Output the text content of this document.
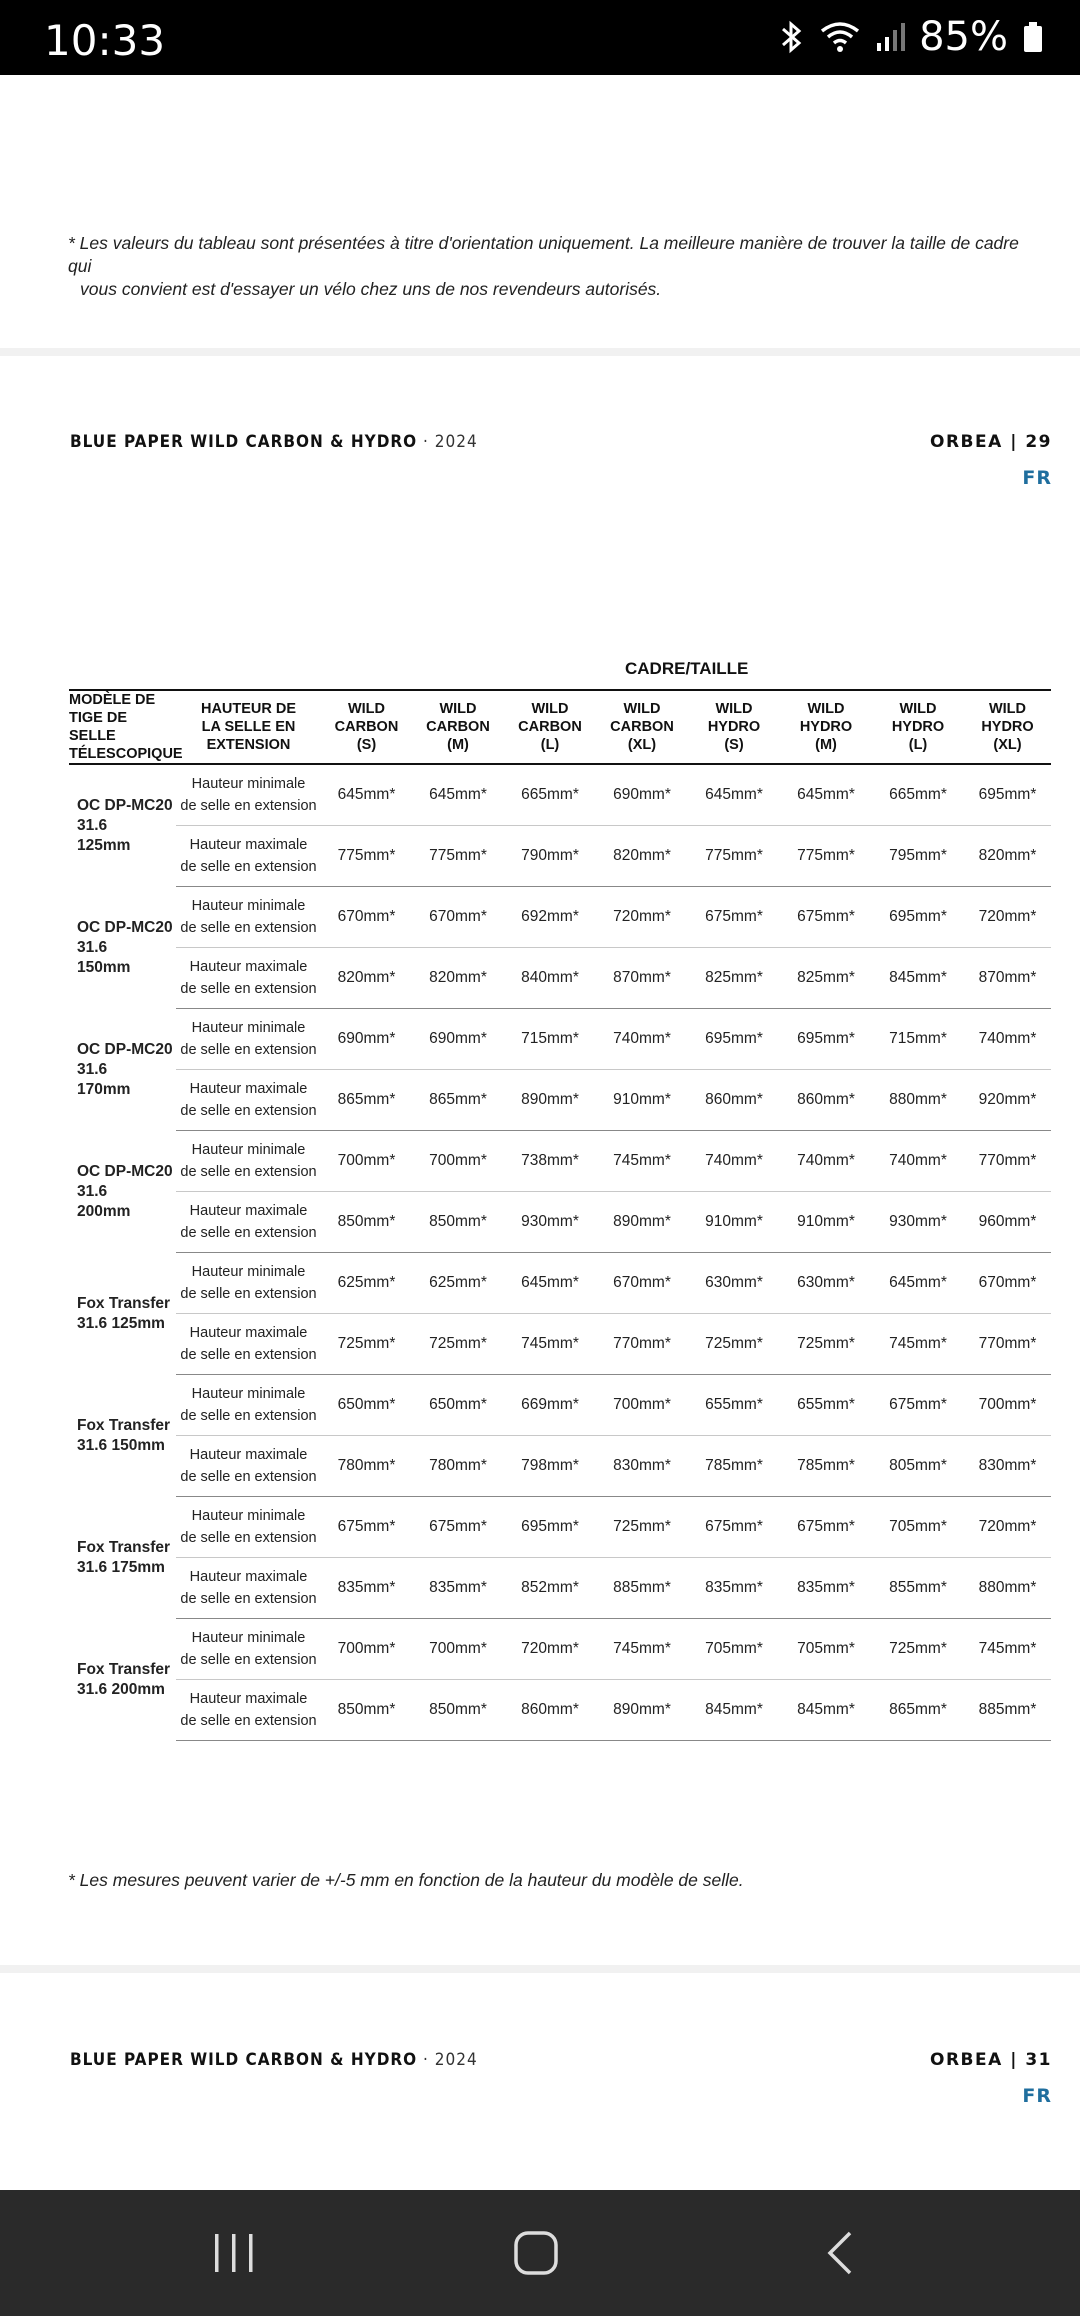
10:33	85%
* Les valeurs du tableau sont présentées à titre d'orientation uniquement. La meilleure manière de trouver la taille de cadre qui
vous convient est d'essayer un vélo chez uns de nos revendeurs autorisés.
BLUE PAPER WILD CARBON & HYDRO · 2024	ORBEA | 29
FR
CADRE/TAILLE
MODÈLE DE
TIGE DE SELLE
TÉLESCOPIQUE	HAUTEUR DE
LA SELLE EN
EXTENSION	WILD
CARBON
(S)	WILD
CARBON
(M)	WILD
CARBON
(L)	WILD
CARBON
(XL)	WILD
HYDRO
(S)	WILD
HYDRO
(M)	WILD
HYDRO
(L)	WILD
HYDRO
(XL)
OC DP-MC20
31.6
125mm	Hauteur minimale
de selle en extension	645mm*	645mm*	665mm*	690mm*	645mm*	645mm*	665mm*	695mm*
	Hauteur maximale
de selle en extension	775mm*	775mm*	790mm*	820mm*	775mm*	775mm*	795mm*	820mm*
OC DP-MC20
31.6
150mm	Hauteur minimale
de selle en extension	670mm*	670mm*	692mm*	720mm*	675mm*	675mm*	695mm*	720mm*
	Hauteur maximale
de selle en extension	820mm*	820mm*	840mm*	870mm*	825mm*	825mm*	845mm*	870mm*
OC DP-MC20
31.6
170mm	Hauteur minimale
de selle en extension	690mm*	690mm*	715mm*	740mm*	695mm*	695mm*	715mm*	740mm*
	Hauteur maximale
de selle en extension	865mm*	865mm*	890mm*	910mm*	860mm*	860mm*	880mm*	920mm*
OC DP-MC20
31.6
200mm	Hauteur minimale
de selle en extension	700mm*	700mm*	738mm*	745mm*	740mm*	740mm*	740mm*	770mm*
	Hauteur maximale
de selle en extension	850mm*	850mm*	930mm*	890mm*	910mm*	910mm*	930mm*	960mm*
Fox Transfer
31.6 125mm	Hauteur minimale
de selle en extension	625mm*	625mm*	645mm*	670mm*	630mm*	630mm*	645mm*	670mm*
	Hauteur maximale
de selle en extension	725mm*	725mm*	745mm*	770mm*	725mm*	725mm*	745mm*	770mm*
Fox Transfer
31.6 150mm	Hauteur minimale
de selle en extension	650mm*	650mm*	669mm*	700mm*	655mm*	655mm*	675mm*	700mm*
	Hauteur maximale
de selle en extension	780mm*	780mm*	798mm*	830mm*	785mm*	785mm*	805mm*	830mm*
Fox Transfer
31.6 175mm	Hauteur minimale
de selle en extension	675mm*	675mm*	695mm*	725mm*	675mm*	675mm*	705mm*	720mm*
	Hauteur maximale
de selle en extension	835mm*	835mm*	852mm*	885mm*	835mm*	835mm*	855mm*	880mm*
Fox Transfer
31.6 200mm	Hauteur minimale
de selle en extension	700mm*	700mm*	720mm*	745mm*	705mm*	705mm*	725mm*	745mm*
	Hauteur maximale
de selle en extension	850mm*	850mm*	860mm*	890mm*	845mm*	845mm*	865mm*	885mm*
* Les mesures peuvent varier de +/-5 mm en fonction de la hauteur du modèle de selle.
BLUE PAPER WILD CARBON & HYDRO · 2024	ORBEA | 31
FR
